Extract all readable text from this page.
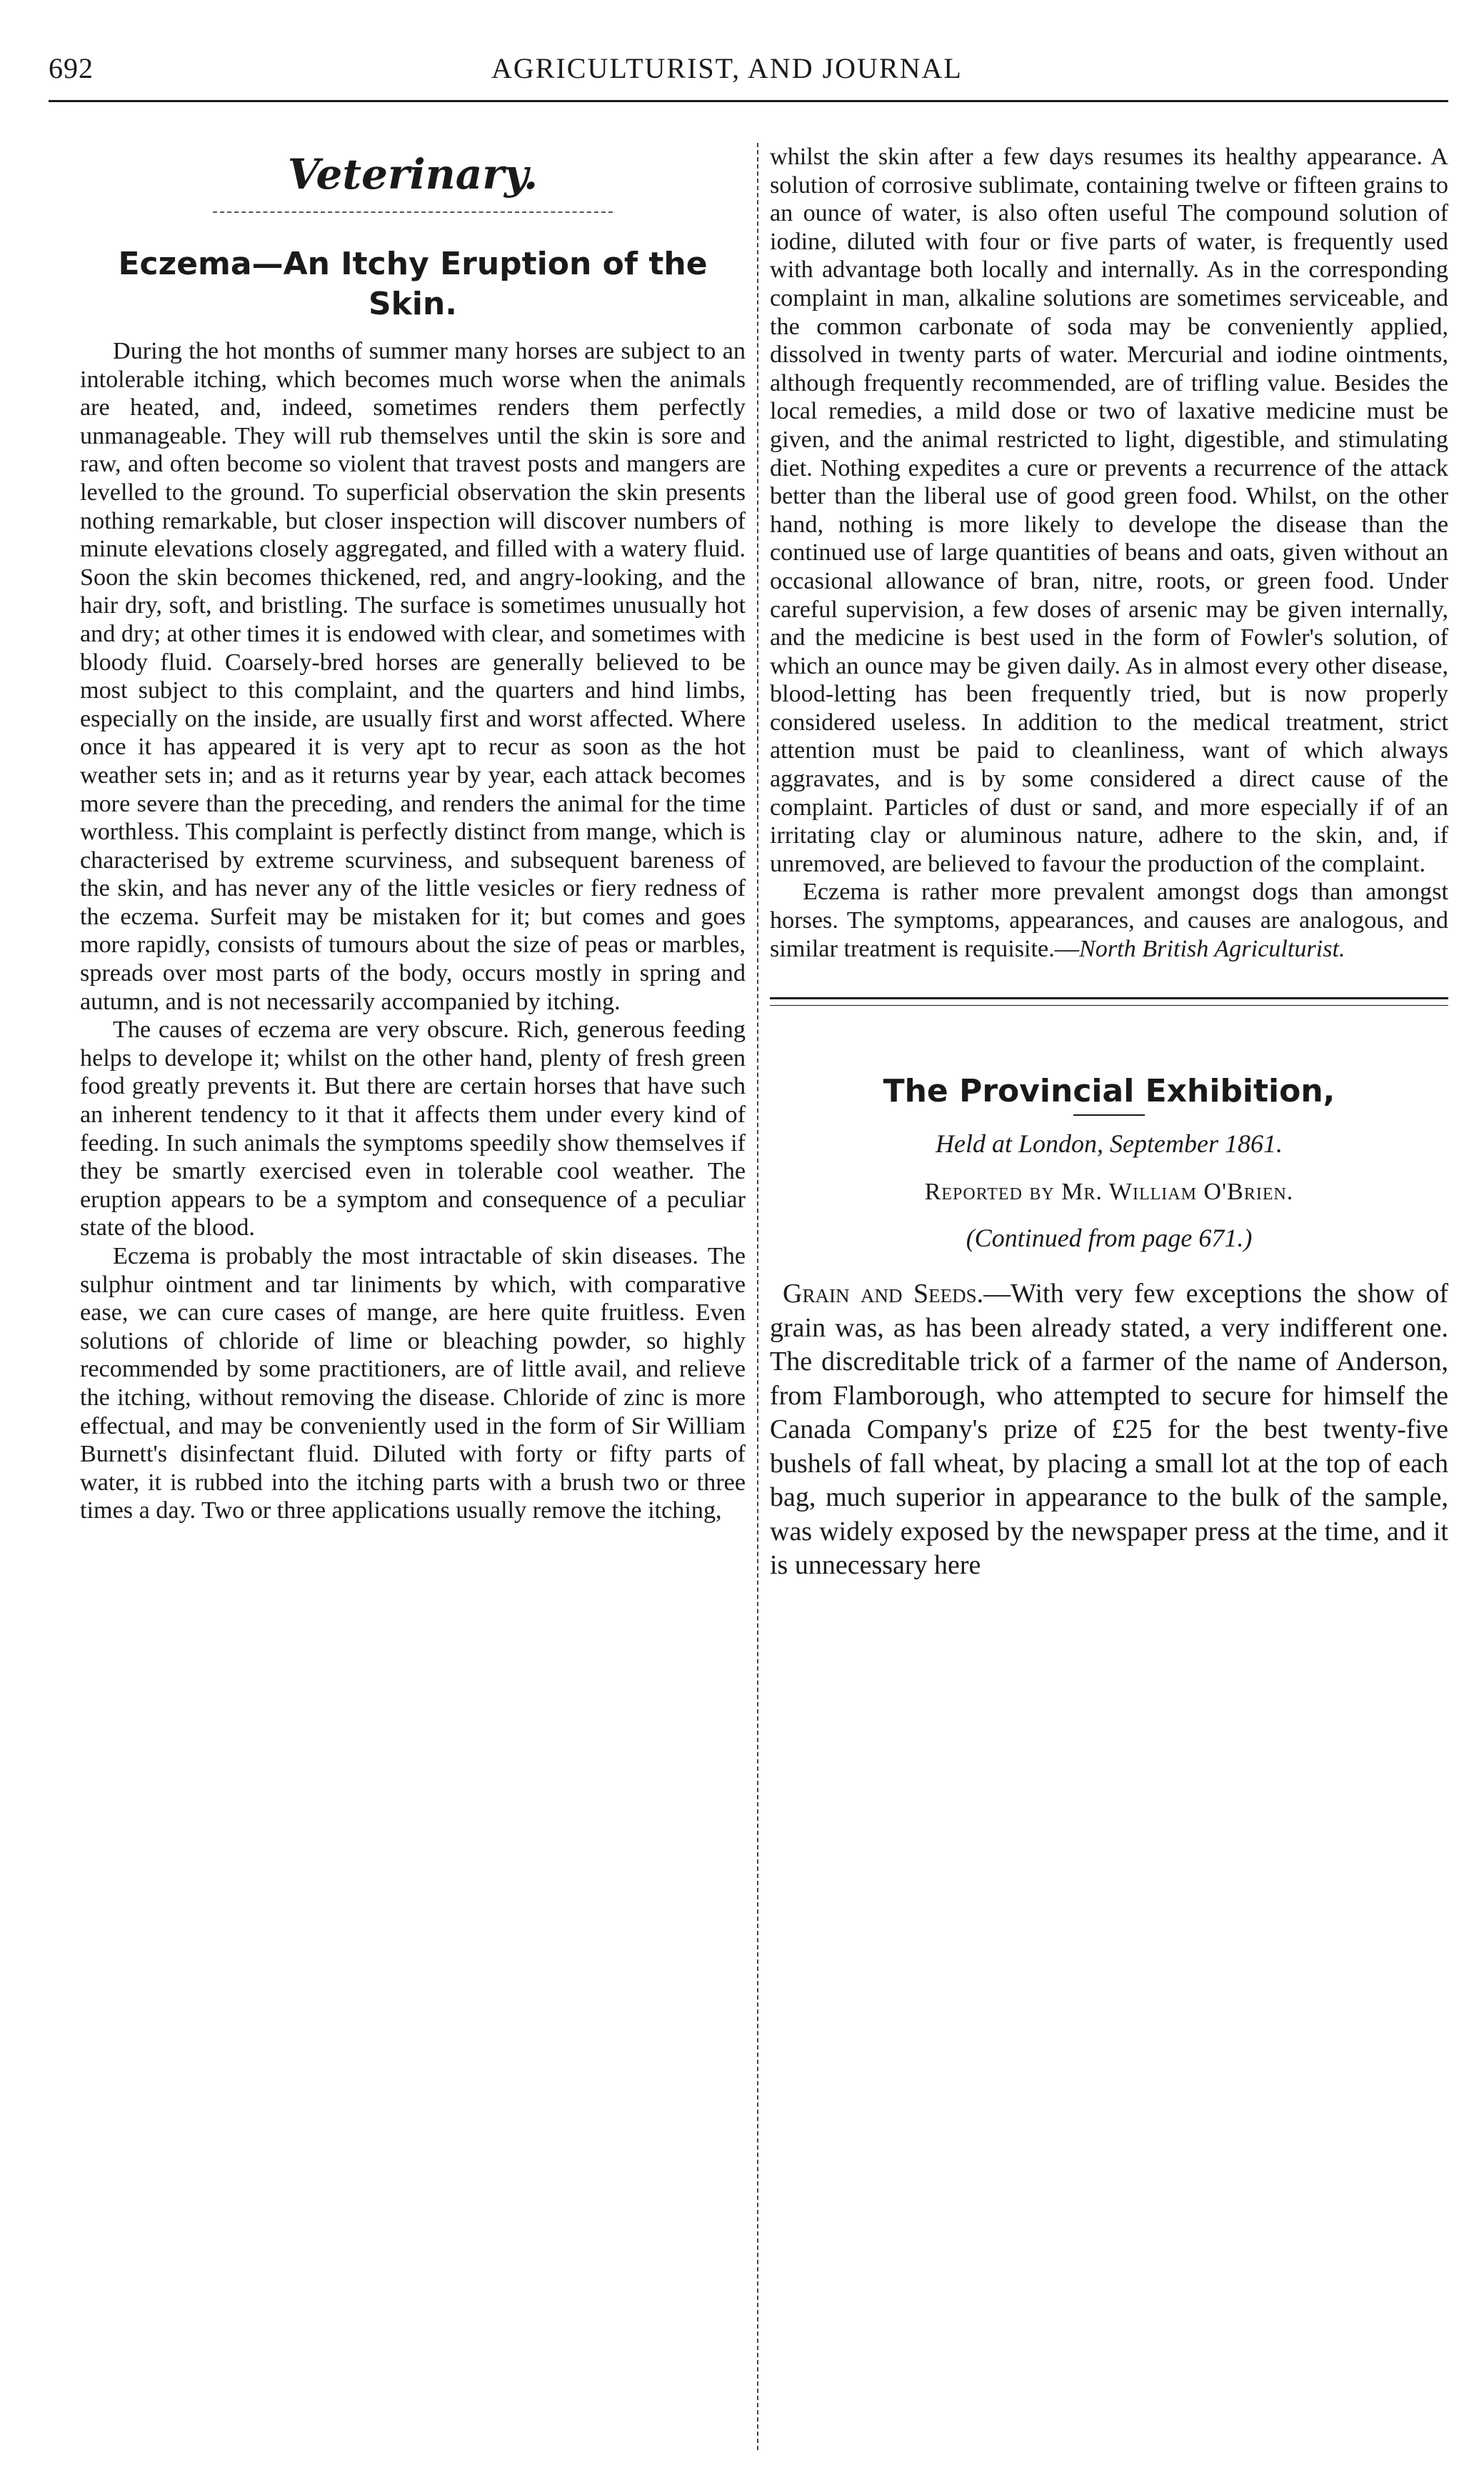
692	AGRICULTURIST, AND JOURNAL
Veterinary.
Eczema—An Itchy Eruption of the Skin.

During the hot months of summer many horses are subject to an intolerable itching, which becomes much worse when the animals are heated, and, indeed, sometimes renders them perfectly unmanageable. They will rub themselves until the skin is sore and raw, and often become so violent that travest posts and mangers are levelled to the ground. To superficial observation the skin presents nothing remarkable, but closer inspection will discover numbers of minute elevations closely aggregated, and filled with a watery fluid. Soon the skin becomes thickened, red, and angry-looking, and the hair dry, soft, and bristling. The surface is sometimes unusually hot and dry; at other times it is endowed with clear, and sometimes with bloody fluid. Coarsely-bred horses are generally believed to be most subject to this complaint, and the quarters and hind limbs, especially on the inside, are usually first and worst affected. Where once it has appeared it is very apt to recur as soon as the hot weather sets in; and as it returns year by year, each attack becomes more severe than the preceding, and renders the animal for the time worthless. This complaint is perfectly distinct from mange, which is characterised by extreme scurviness, and subsequent bareness of the skin, and has never any of the little vesicles or fiery redness of the eczema. Surfeit may be mistaken for it; but comes and goes more rapidly, consists of tumours about the size of peas or marbles, spreads over most parts of the body, occurs mostly in spring and autumn, and is not necessarily accompanied by itching.

The causes of eczema are very obscure. Rich, generous feeding helps to develope it; whilst on the other hand, plenty of fresh green food greatly prevents it. But there are certain horses that have such an inherent tendency to it that it affects them under every kind of feeding. In such animals the symptoms speedily show themselves if they be smartly exercised even in tolerable cool weather. The eruption appears to be a symptom and consequence of a peculiar state of the blood.

Eczema is probably the most intractable of skin diseases. The sulphur ointment and tar liniments by which, with comparative ease, we can cure cases of mange, are here quite fruitless. Even solutions of chloride of lime or bleaching powder, so highly recommended by some practitioners, are of little avail, and relieve the itching, without removing the disease. Chloride of zinc is more effectual, and may be conveniently used in the form of Sir William Burnett's disinfectant fluid. Diluted with forty or fifty parts of water, it is rubbed into the itching parts with a brush two or three times a day. Two or three applications usually remove the itching,

whilst the skin after a few days resumes its healthy appearance. A solution of corrosive sublimate, containing twelve or fifteen grains to an ounce of water, is also often useful The compound solution of iodine, diluted with four or five parts of water, is frequently used with advantage both locally and internally. As in the corresponding complaint in man, alkaline solutions are sometimes serviceable, and the common carbonate of soda may be conveniently applied, dissolved in twenty parts of water. Mercurial and iodine ointments, although frequently recommended, are of trifling value. Besides the local remedies, a mild dose or two of laxative medicine must be given, and the animal restricted to light, digestible, and stimulating diet. Nothing expedites a cure or prevents a recurrence of the attack better than the liberal use of good green food. Whilst, on the other hand, nothing is more likely to develope the disease than the continued use of large quantities of beans and oats, given without an occasional allowance of bran, nitre, roots, or green food. Under careful supervision, a few doses of arsenic may be given internally, and the medicine is best used in the form of Fowler's solution, of which an ounce may be given daily. As in almost every other disease, blood-letting has been frequently tried, but is now properly considered useless. In addition to the medical treatment, strict attention must be paid to cleanliness, want of which always aggravates, and is by some considered a direct cause of the complaint. Particles of dust or sand, and more especially if of an irritating clay or aluminous nature, adhere to the skin, and, if unremoved, are believed to favour the production of the complaint.

Eczema is rather more prevalent amongst dogs than amongst horses. The symptoms, appearances, and causes are analogous, and similar treatment is requisite.—North British Agriculturist.

The Provincial Exhibition,

Held at London, September 1861.

Reported by Mr. William O'Brien.

(Continued from page 671.)

Grain and Seeds.—With very few exceptions the show of grain was, as has been already stated, a very indifferent one. The discreditable trick of a farmer of the name of Anderson, from Flamborough, who attempted to secure for himself the Canada Company's prize of £25 for the best twenty-five bushels of fall wheat, by placing a small lot at the top of each bag, much superior in appearance to the bulk of the sample, was widely exposed by the newspaper press at the time, and it is unnecessary here
